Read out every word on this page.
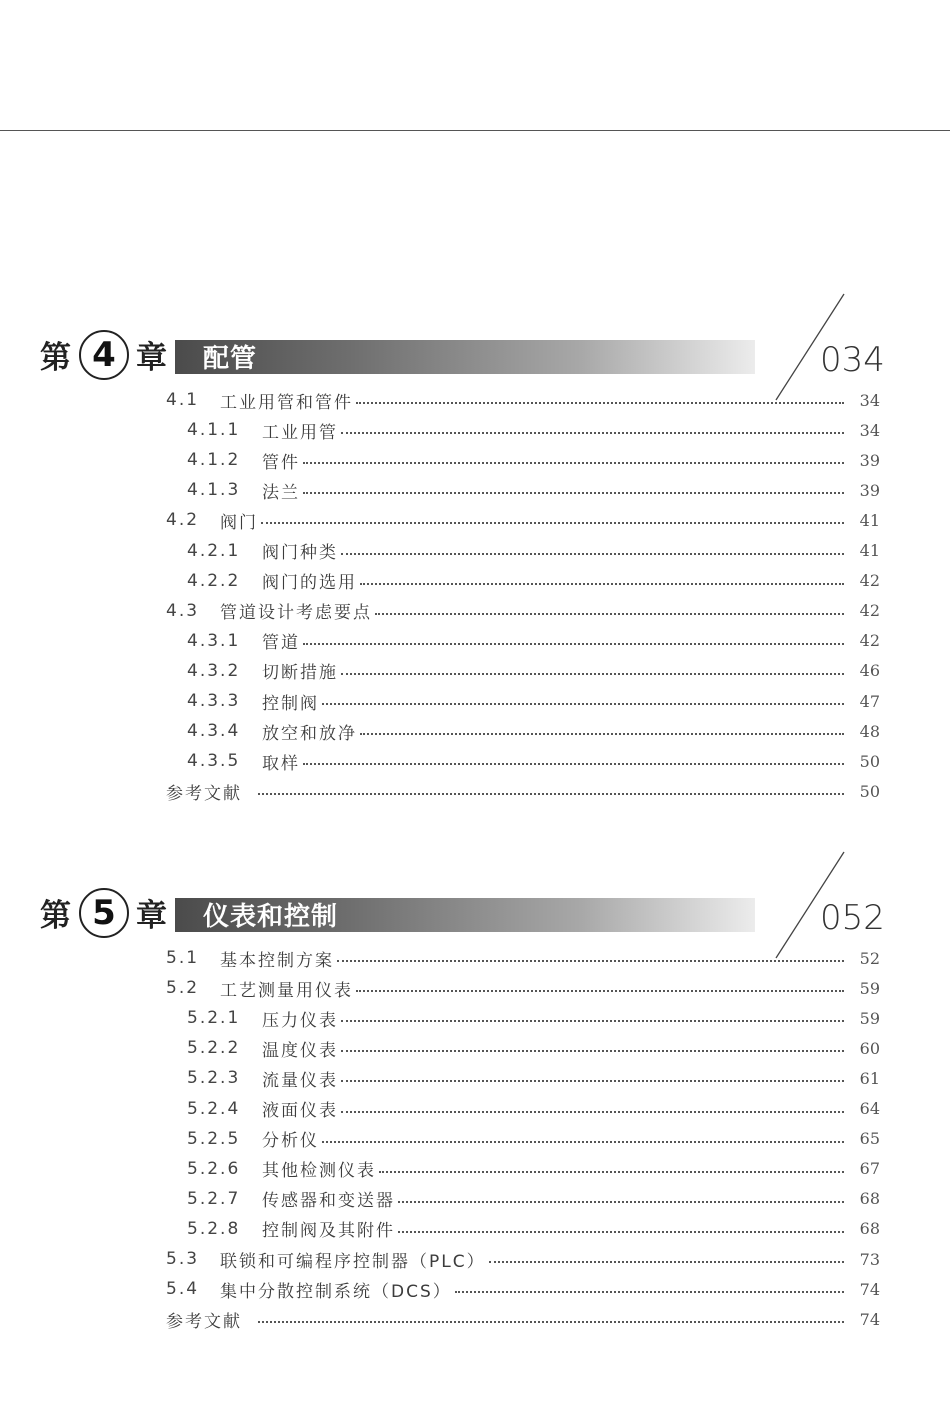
第 4 章 配管	034
4.1	工业用管和管件	34
4.1.1	工业用管	34
4.1.2	管件	39
4.1.3	法兰	39
4.2	阀门	41
4.2.1	阀门种类	41
4.2.2	阀门的选用	42
4.3	管道设计考虑要点	42
4.3.1	管道	42
4.3.2	切断措施	46
4.3.3	控制阀	47
4.3.4	放空和放净	48
4.3.5	取样	50
参考文献	50
第 5 章 仪表和控制	052
5.1	基本控制方案	52
5.2	工艺测量用仪表	59
5.2.1	压力仪表	59
5.2.2	温度仪表	60
5.2.3	流量仪表	61
5.2.4	液面仪表	64
5.2.5	分析仪	65
5.2.6	其他检测仪表	67
5.2.7	传感器和变送器	68
5.2.8	控制阀及其附件	68
5.3	联锁和可编程序控制器（PLC）	73
5.4	集中分散控制系统（DCS）	74
参考文献	74
